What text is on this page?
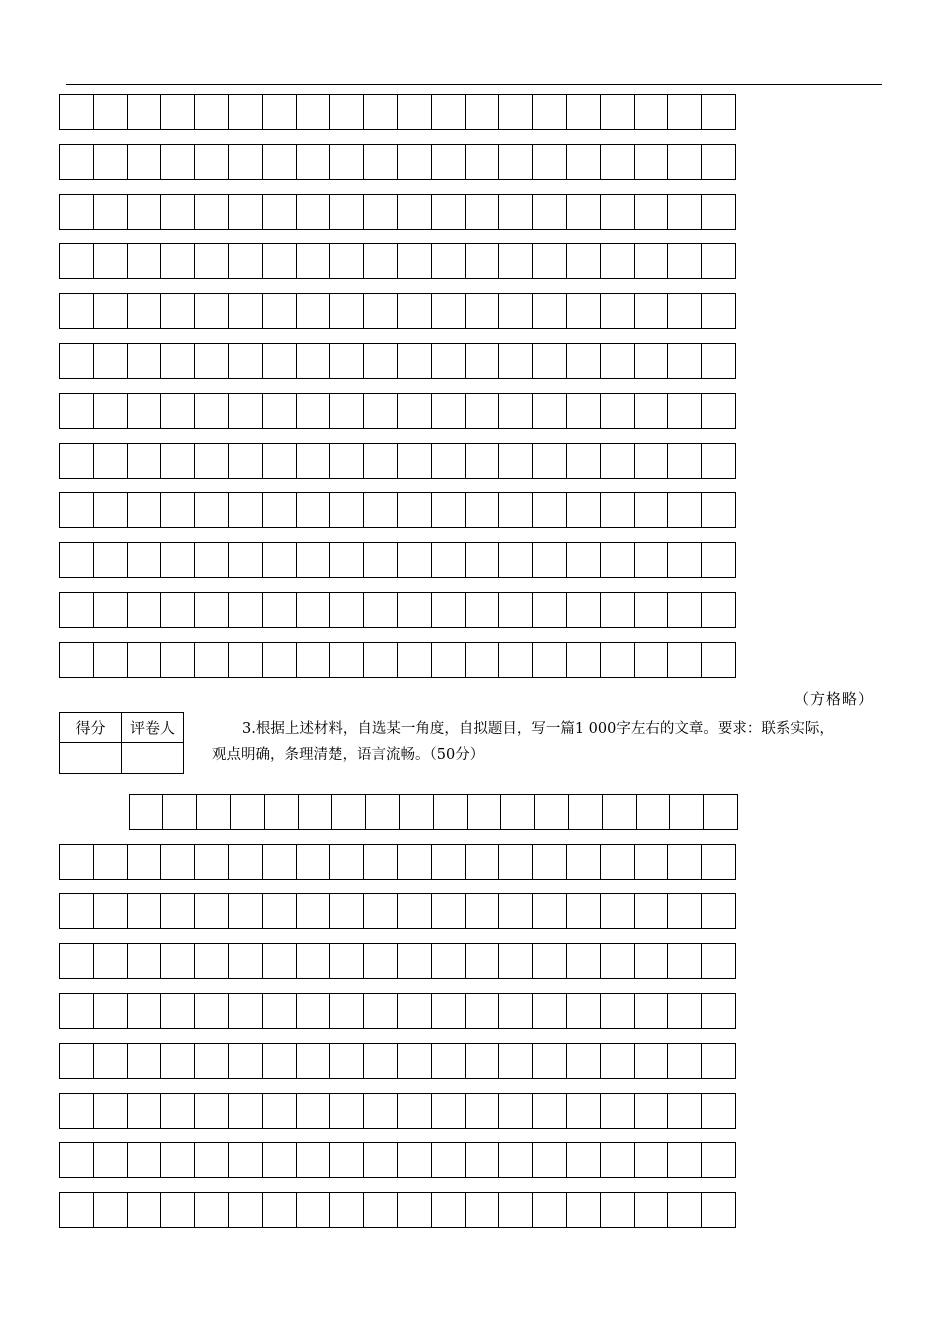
（方格略）
得分	评卷人
		3.根据上述材料，自选某一角度，自拟题目，写一篇1 000字左右的文章。要求：联系实际，
观点明确，条理清楚，语言流畅。（50分）
